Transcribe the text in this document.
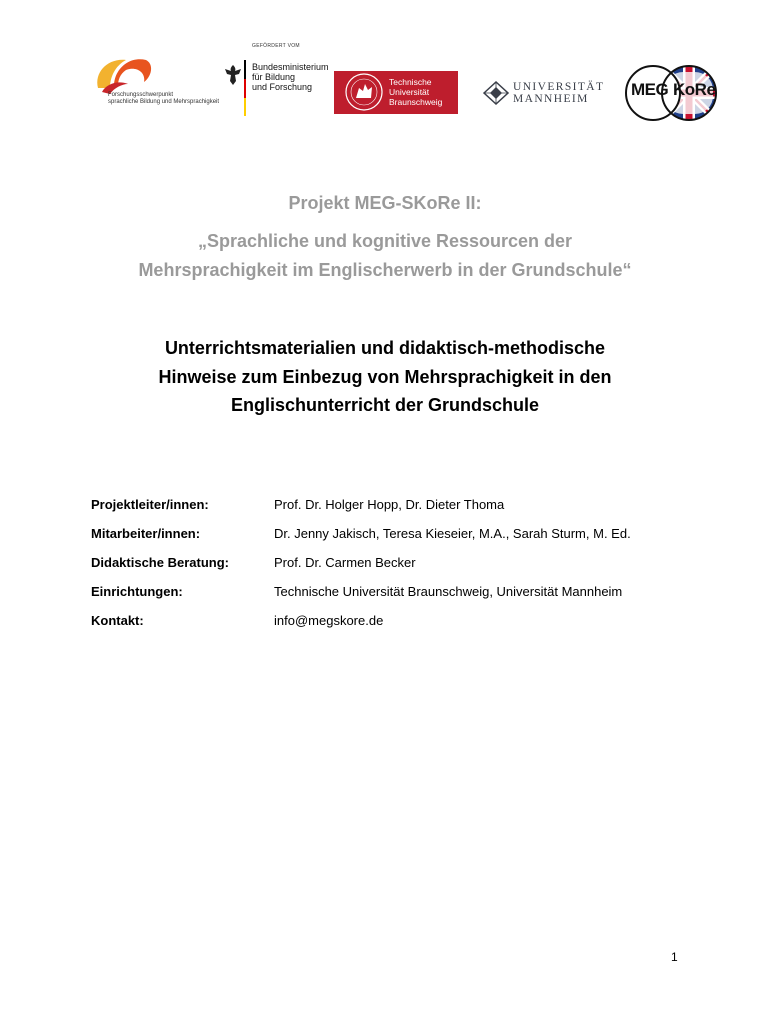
Forschungsschwerpunkt
sprachliche Bildung und Mehrsprachigkeit
GEFÖRDERT VOM
Bundesministerium
für Bildung
und Forschung	Technische
Universität
Braunschweig
UNIVERSITÄT
MANNHEIM MEG KoRe
Projekt MEG-SKoRe II:
„Sprachliche und kognitive Ressourcen der
Mehrsprachigkeit im Englischerwerb in der Grundschule“
Unterrichtsmaterialien und didaktisch-methodische
Hinweise zum Einbezug von Mehrsprachigkeit in den
Englischunterricht der Grundschule
Projektleiter/innen:	Prof. Dr. Holger Hopp, Dr. Dieter Thoma
Mitarbeiter/innen:	Dr. Jenny Jakisch, Teresa Kieseier, M.A., Sarah Sturm, M. Ed.
Didaktische Beratung:	Prof. Dr. Carmen Becker
Einrichtungen:	Technische Universität Braunschweig, Universität Mannheim
Kontakt:	info@megskore.de
1
